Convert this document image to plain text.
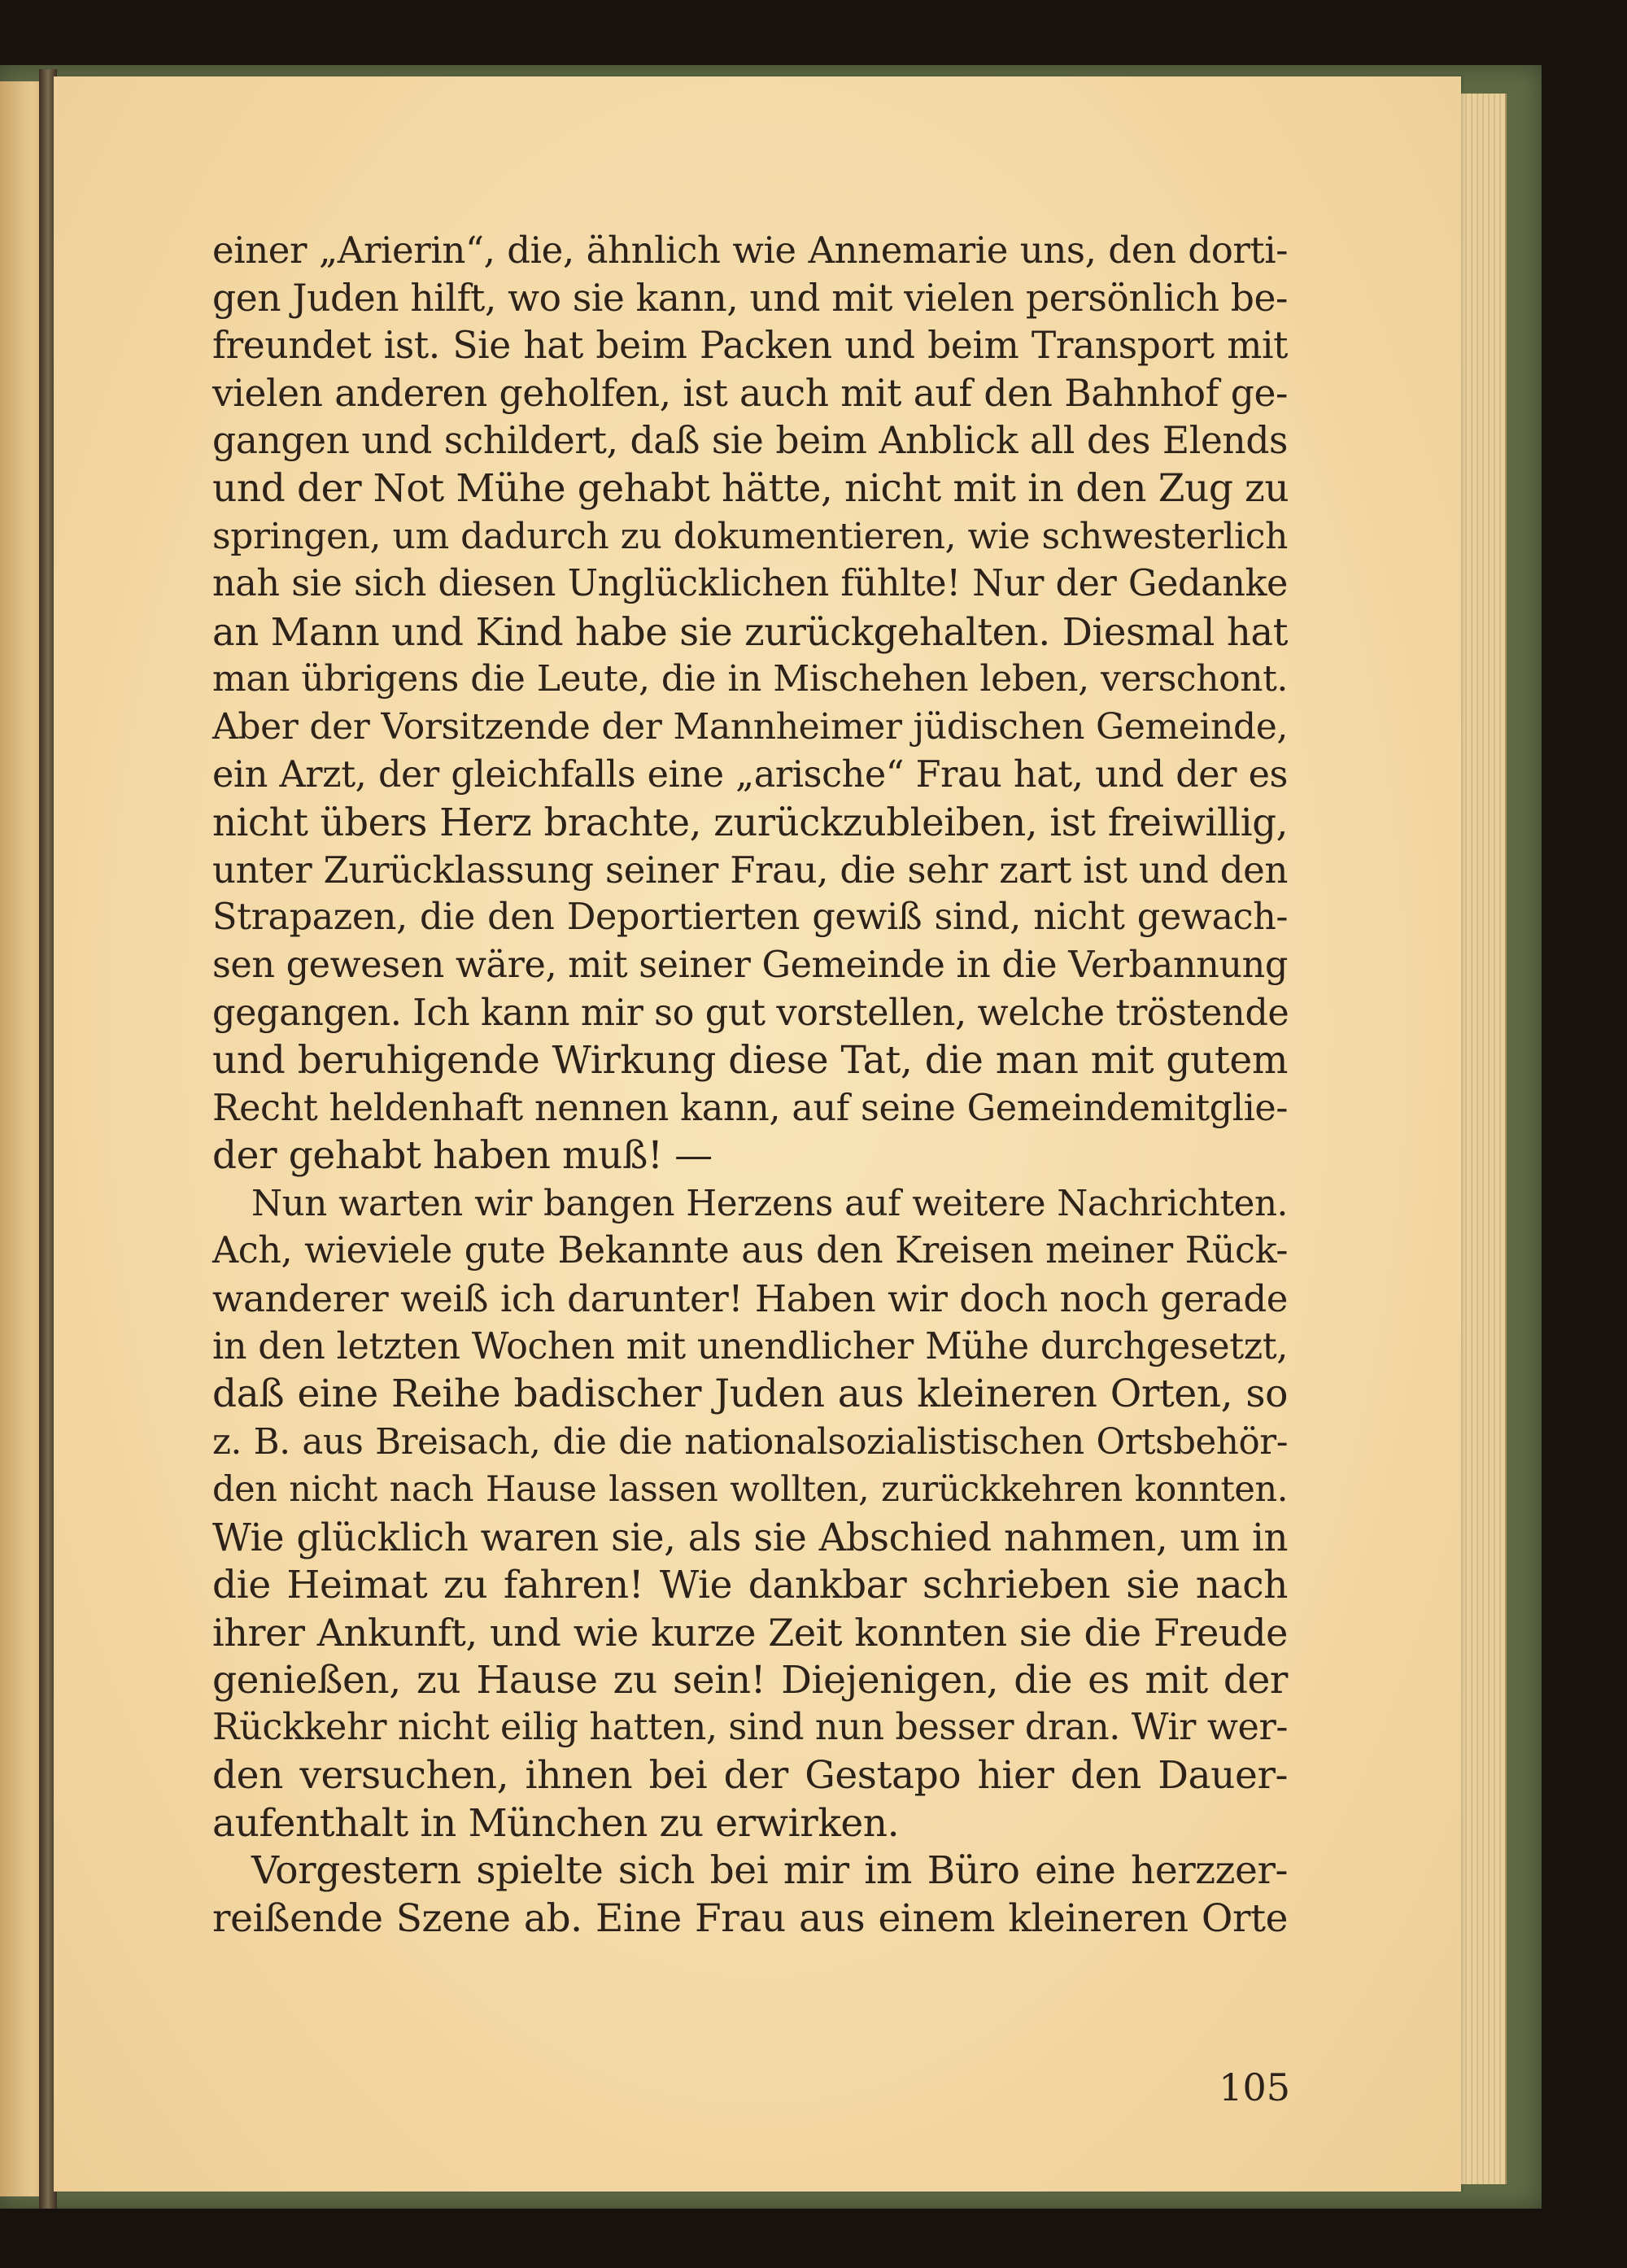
einer „Arierin“, die, ähnlich wie Annemarie uns, den dorti-
gen Juden hilft, wo sie kann, und mit vielen persönlich be-
freundet ist. Sie hat beim Packen und beim Transport mit
vielen anderen geholfen, ist auch mit auf den Bahnhof ge-
gangen und schildert, daß sie beim Anblick all des Elends
und der Not Mühe gehabt hätte, nicht mit in den Zug zu
springen, um dadurch zu dokumentieren, wie schwesterlich
nah sie sich diesen Unglücklichen fühlte! Nur der Gedanke
an Mann und Kind habe sie zurückgehalten. Diesmal hat
man übrigens die Leute, die in Mischehen leben, verschont.
Aber der Vorsitzende der Mannheimer jüdischen Gemeinde,
ein Arzt, der gleichfalls eine „arische“ Frau hat, und der es
nicht übers Herz brachte, zurückzubleiben, ist freiwillig,
unter Zurücklassung seiner Frau, die sehr zart ist und den
Strapazen, die den Deportierten gewiß sind, nicht gewach-
sen gewesen wäre, mit seiner Gemeinde in die Verbannung
gegangen. Ich kann mir so gut vorstellen, welche tröstende
und beruhigende Wirkung diese Tat, die man mit gutem
Recht heldenhaft nennen kann, auf seine Gemeindemitglie-
der gehabt haben muß! —
Nun warten wir bangen Herzens auf weitere Nachrichten.
Ach, wieviele gute Bekannte aus den Kreisen meiner Rück-
wanderer weiß ich darunter! Haben wir doch noch gerade
in den letzten Wochen mit unendlicher Mühe durchgesetzt,
daß eine Reihe badischer Juden aus kleineren Orten, so
z. B. aus Breisach, die die nationalsozialistischen Ortsbehör-
den nicht nach Hause lassen wollten, zurückkehren konnten.
Wie glücklich waren sie, als sie Abschied nahmen, um in
die Heimat zu fahren! Wie dankbar schrieben sie nach
ihrer Ankunft, und wie kurze Zeit konnten sie die Freude
genießen, zu Hause zu sein! Diejenigen, die es mit der
Rückkehr nicht eilig hatten, sind nun besser dran. Wir wer-
den versuchen, ihnen bei der Gestapo hier den Dauer-
aufenthalt in München zu erwirken.
Vorgestern spielte sich bei mir im Büro eine herzzer-
reißende Szene ab. Eine Frau aus einem kleineren Orte
105
